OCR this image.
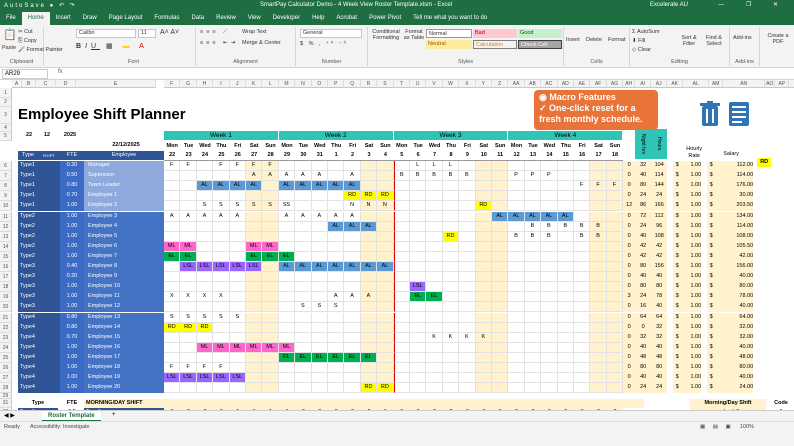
AutoSave ● ↶ ↷	SmartPay Calculator Demo - 4 Week View Roster Template.xlsm - Excel	Excelerate AU	— ❐ ✕
File	Home	Insert	Draw	Page Layout	Formulas	Data	Review	View	Developer	Help	Acrobat	Power Pivot	Tell me what you want to do
📋
Paste
✂ Cut
⎘ Copy
🖌 Format Painter
Clipboard
Calibri	11	A˄ A˅
BIU ▦ ▬ A
Font
≡≡≡ ⟋ Wrap Text
≡≡≡ ⇤⇥ Merge & Center
Alignment
General
$ % , ⁺⁰ ⁻⁰
Number
Conditional Formatting
Format as Table
Normal	Bad	Good
Neutral	Calculation	Check Cell
Styles
Insert Delete Format
Cells
Σ AutoSum
⬇ Fill
◇ Clear
Sort & Filter
Find & Select
Editing
Add-ins
Add-ins
Create a PDF
AR29	fx
Employee Shift Planner
A	B	C	D	E	F	G	H	I	J	K	L	M	N	O	P	Q	R	S	T	U	V	W	X	Y	Z	AA	AB	AC	AD	AE	AF	AG	AH	AI	AJ	AK	AL	AM	AN	AO	AP
1
2
3
4
5	Week 1	Week 2	Week 3	Week 4
22	12	2025
22/12/2025	Mon
22
Tue
23
Wed
24
Thu
25
Fri
26
Sat
27
Sun
28
Mon
29
Tue
30
Wed
31
Thu
1
Fri
2
Sat
3
Sun
4
Mon
5
Tue
6
Wed
7
Thu
8
Fri
9
Sat
10
Sun
11
Mon
12
Tue
13
Wed
14
Thu
15
Fri
16
Sat
17
Sun
18
Type	RY/PT	FTE	Employee
Night hrs	Hours	Hourly Rate	Salary
RD
6	Type1	0.20	Manager	F	F	F	F	F	F	L	L	L	0	32	104	$	1.00	$	112.00
7	Type1	0.50	Supervisor	A	A	A	A	A	A	B	B	B	B	B	P	P	P	0	40	114	$	1.00	$	114.00
8	Type1	0.80	Team Leader	AL	AL	AL	AL	AL	AL	AL	AL	AL	F	F	F	0	80	144	$	1.00	$	176.00
9	Type1	0.70	Employee 1	RD	RD	RD	0	24	24	$	1.00	$	30.00
10	Type1	1.00	Employee 2	S	S	S	S	S	SS	N	N	N	RD	12	86	166	$	1.00	$	203.50
11	Type2	1.00	Employee 3	A	A	A	A	A	A	A	A	A	A	AL	AL	AL	AL	AL	0	72	112	$	1.00	$	134.00
12	Type2	1.00	Employee 4	AL	AL	AL	B	B	B	B	B	0	24	96	$	1.00	$	114.00
13	Type2	1.00	Employee 5	RD	B	B	B	B	B	0	40	108	$	1.00	$	108.00
14	Type2	1.00	Employee 6	ML	ML	ML	ML	0	42	42	$	1.00	$	105.50
15	Type2	1.00	Employee 7	EL	EL	EL	EL	EL	0	42	42	$	1.00	$	42.00
16	Type3	0.40	Employee 8	LSL	LSL	LSL	LSL	LSL	AL	AL	AL	AL	AL	AL	AL	0	80	156	$	1.00	$	156.00
17	Type3	0.20	Employee 9	0	40	40	$	1.00	$	40.00
18	Type3	1.00	Employee 10	LSL	0	80	80	$	1.00	$	80.00
19	Type3	1.00	Employee 11	X	X	X	X	A	A	A	EL	EL	3	24	78	$	1.00	$	78.00
20	Type3	1.00	Employee 12	S	S	S	0	16	40	$	1.00	$	40.00
21	Type4	0.80	Employee 13	S	S	S	S	S	0	64	64	$	1.00	$	64.00
22	Type4	0.80	Employee 14	RD	RD	RD	0	0	32	$	1.00	$	32.00
23	Type4	0.70	Employee 15	K	K	K	K	0	32	32	$	1.00	$	32.00
24	Type4	1.00	Employee 16	ML	ML	ML	ML	ML	ML	0	40	40	$	1.00	$	40.00
25	Type4	1.00	Employee 17	EL	EL	EL	EL	EL	EL	0	48	48	$	1.00	$	48.00
26	Type4	1.00	Employee 18	F	F	F	F	0	80	80	$	1.00	$	80.00
27	Type4	1.00	Employee 19	LSL	LSL	LSL	LSL	LSL	0	40	40	$	1.00	$	40.00
28	Type4	1.00	Employee 20	RD	RD	0	24	24	$	1.00	$	24.00
29
31	Type	FTE	MORNING/DAY SHIFT	Morning/Day Shift	Code
◉ Macro Features
✓ One-click reset for a fresh monthly schedule.
◀ ▶	Roster Template	+
Ready Accessibility: Investigate	▦ ▤ ▣ 100%
